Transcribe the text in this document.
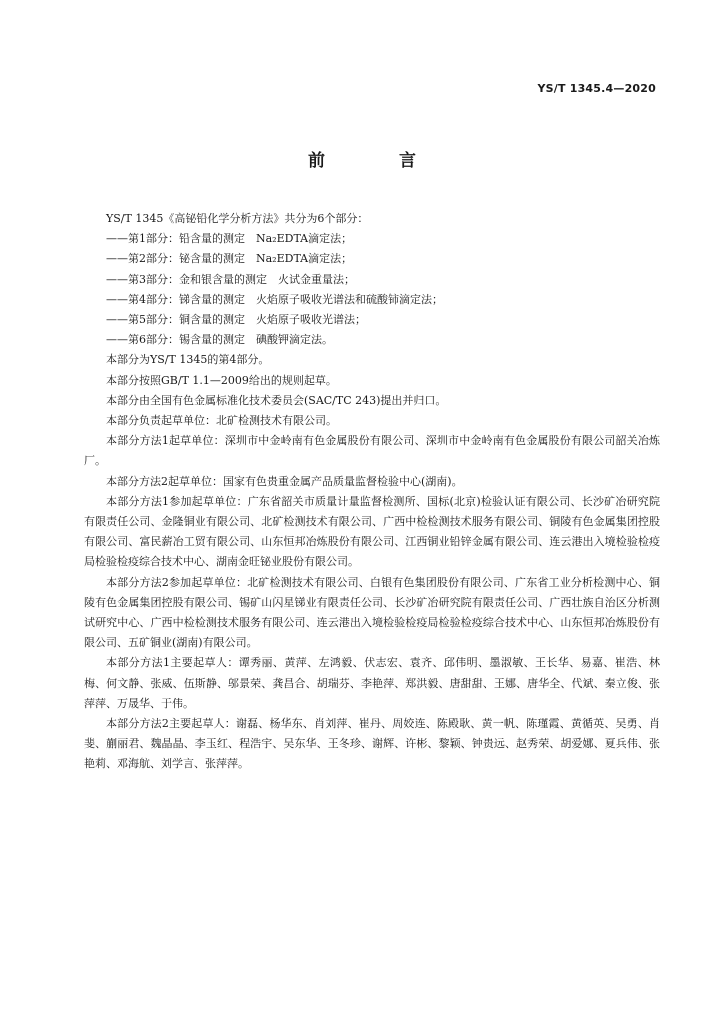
YS/T 1345.4—2020
前 言

YS/T 1345《高铋铅化学分析方法》共分为6个部分：

——第1部分：铅含量的测定　Na₂EDTA滴定法；

——第2部分：铋含量的测定　Na₂EDTA滴定法；

——第3部分：金和银含量的测定　火试金重量法；

——第4部分：锑含量的测定　火焰原子吸收光谱法和硫酸铈滴定法；

——第5部分：铜含量的测定　火焰原子吸收光谱法；

——第6部分：锡含量的测定　碘酸钾滴定法。

本部分为YS/T 1345的第4部分。

本部分按照GB/T 1.1—2009给出的规则起草。

本部分由全国有色金属标准化技术委员会(SAC/TC 243)提出并归口。

本部分负责起草单位：北矿检测技术有限公司。

本部分方法1起草单位：深圳市中金岭南有色金属股份有限公司、深圳市中金岭南有色金属股份有限公司韶关冶炼厂。

本部分方法2起草单位：国家有色贵重金属产品质量监督检验中心(湖南)。

本部分方法1参加起草单位：广东省韶关市质量计量监督检测所、国标(北京)检验认证有限公司、长沙矿冶研究院有限责任公司、金隆铜业有限公司、北矿检测技术有限公司、广西中检检测技术服务有限公司、铜陵有色金属集团控股有限公司、富民薪冶工贸有限公司、山东恒邦冶炼股份有限公司、江西铜业铅锌金属有限公司、连云港出入境检验检疫局检验检疫综合技术中心、湖南金旺铋业股份有限公司。

本部分方法2参加起草单位：北矿检测技术有限公司、白银有色集团股份有限公司、广东省工业分析检测中心、铜陵有色金属集团控股有限公司、锡矿山闪星锑业有限责任公司、长沙矿冶研究院有限责任公司、广西壮族自治区分析测试研究中心、广西中检检测技术服务有限公司、连云港出入境检验检疫局检验检疫综合技术中心、山东恒邦冶炼股份有限公司、五矿铜业(湖南)有限公司。

本部分方法1主要起草人：谭秀丽、黄萍、左鸿毅、伏志宏、袁齐、邱伟明、墨淑敏、王长华、易嘉、崔浩、林梅、何文静、张威、伍斯静、邬景荣、龚昌合、胡瑞芬、李艳萍、郑洪毅、唐甜甜、王娜、唐华全、代斌、秦立俊、张萍萍、万晟华、于伟。

本部分方法2主要起草人：谢磊、杨华东、肖刘萍、崔丹、周姣连、陈殿耿、黄一帆、陈瑾霞、黄循英、吴勇、肖斐、蒯丽君、魏晶晶、李玉红、程浩宇、吴东华、王冬珍、谢辉、许彬、黎颖、钟贵远、赵秀荣、胡爱娜、夏兵伟、张艳莉、邓海航、刘学言、张萍萍。
